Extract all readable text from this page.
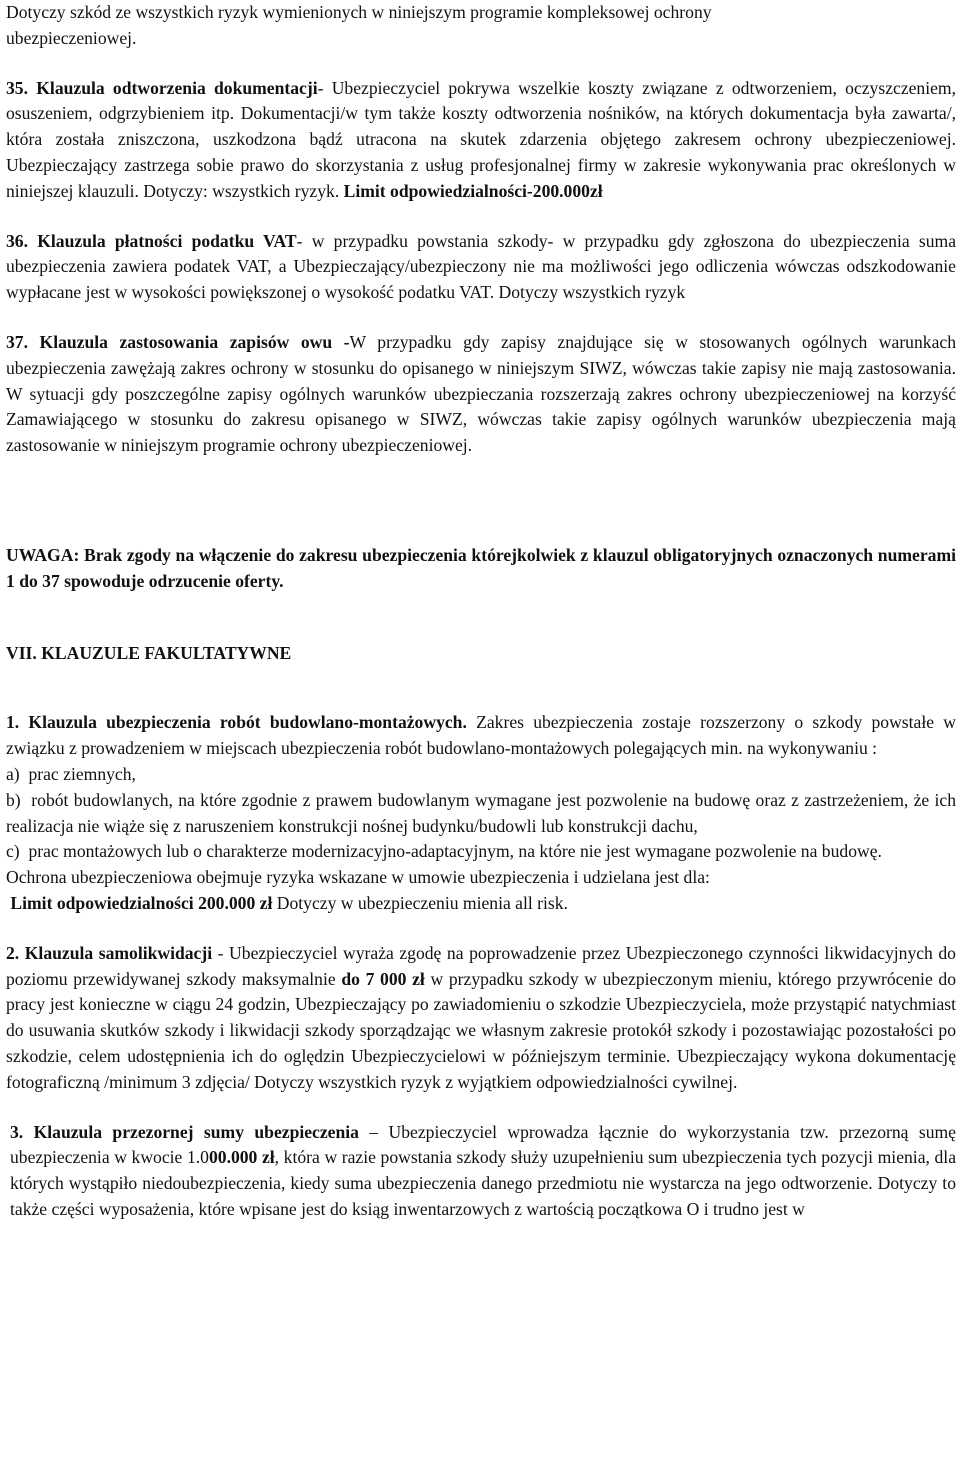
Dotyczy szkód ze wszystkich ryzyk wymienionych w niniejszym programie kompleksowej ochrony
ubezpieczeniowej.

35. Klauzula odtworzenia dokumentacji- Ubezpieczyciel pokrywa wszelkie koszty związane z odtworzeniem, oczyszczeniem, osuszeniem, odgrzybieniem itp. Dokumentacji/w tym także koszty odtworzenia nośników, na których dokumentacja była zawarta/, która została zniszczona, uszkodzona bądź utracona na skutek zdarzenia objętego zakresem ochrony ubezpieczeniowej. Ubezpieczający zastrzega sobie prawo do skorzystania z usług profesjonalnej firmy w zakresie wykonywania prac określonych w niniejszej klauzuli. Dotyczy: wszystkich ryzyk. Limit odpowiedzialności-200.000zł

36. Klauzula płatności podatku VAT- w przypadku powstania szkody- w przypadku gdy zgłoszona do ubezpieczenia suma ubezpieczenia zawiera podatek VAT, a Ubezpieczający/ubezpieczony nie ma możliwości jego odliczenia wówczas odszkodowanie wypłacane jest w wysokości powiększonej o wysokość podatku VAT. Dotyczy wszystkich ryzyk

37. Klauzula zastosowania zapisów owu -W przypadku gdy zapisy znajdujące się w stosowanych ogólnych warunkach ubezpieczenia zawężają zakres ochrony w stosunku do opisanego w niniejszym SIWZ, wówczas takie zapisy nie mają zastosowania. W sytuacji gdy poszczególne zapisy ogólnych warunków ubezpieczania rozszerzają zakres ochrony ubezpieczeniowej na korzyść Zamawiającego w stosunku do zakresu opisanego w SIWZ, wówczas takie zapisy ogólnych warunków ubezpieczenia mają zastosowanie w niniejszym programie ochrony ubezpieczeniowej.

UWAGA: Brak zgody na włączenie do zakresu ubezpieczenia którejkolwiek z klauzul obligatoryjnych oznaczonych numerami 1 do 37 spowoduje odrzucenie oferty.

VII. KLAUZULE FAKULTATYWNE

1. Klauzula ubezpieczenia robót budowlano-montażowych. Zakres ubezpieczenia zostaje rozszerzony o szkody powstałe w związku z prowadzeniem w miejscach ubezpieczenia robót budowlano-montażowych polegających min. na wykonywaniu :

a) prac ziemnych,

b) robót budowlanych, na które zgodnie z prawem budowlanym wymagane jest pozwolenie na budowę oraz z zastrzeżeniem, że ich realizacja nie wiąże się z naruszeniem konstrukcji nośnej budynku/budowli lub konstrukcji dachu,

c) prac montażowych lub o charakterze modernizacyjno-adaptacyjnym, na które nie jest wymagane pozwolenie na budowę.

Ochrona ubezpieczeniowa obejmuje ryzyka wskazane w umowie ubezpieczenia i udzielana jest dla:

Limit odpowiedzialności 200.000 zł Dotyczy w ubezpieczeniu mienia all risk.

2. Klauzula samolikwidacji - Ubezpieczyciel wyraża zgodę na poprowadzenie przez Ubezpieczonego czynności likwidacyjnych do poziomu przewidywanej szkody maksymalnie do 7 000 zł w przypadku szkody w ubezpieczonym mieniu, którego przywrócenie do pracy jest konieczne w ciągu 24 godzin, Ubezpieczający po zawiadomieniu o szkodzie Ubezpieczyciela, może przystąpić natychmiast do usuwania skutków szkody i likwidacji szkody sporządzając we własnym zakresie protokół szkody i pozostawiając pozostałości po szkodzie, celem udostępnienia ich do oględzin Ubezpieczycielowi w późniejszym terminie. Ubezpieczający wykona dokumentację fotograficzną /minimum 3 zdjęcia/ Dotyczy wszystkich ryzyk z wyjątkiem odpowiedzialności cywilnej.

3. Klauzula przezornej sumy ubezpieczenia – Ubezpieczyciel wprowadza łącznie do wykorzystania tzw. przezorną sumę ubezpieczenia w kwocie 1.000.000 zł, która w razie powstania szkody służy uzupełnieniu sum ubezpieczenia tych pozycji mienia, dla których wystąpiło niedoubezpieczenia, kiedy suma ubezpieczenia danego przedmiotu nie wystarcza na jego odtworzenie. Dotyczy to także części wyposażenia, które wpisane jest do ksiąg inwentarzowych z wartością początkowa O i trudno jest w
